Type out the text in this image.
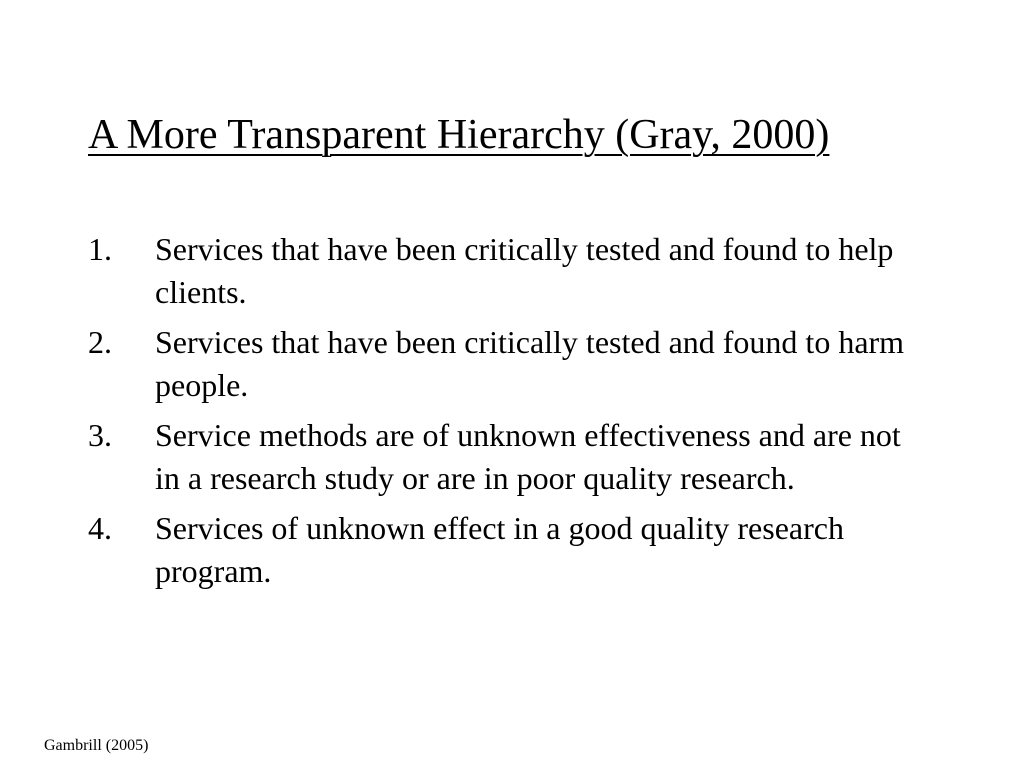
A More Transparent Hierarchy (Gray, 2000)
1.	Services that have been critically tested and found to help clients.
2.	Services that have been critically tested and found to harm people.
3.	Service methods are of unknown effectiveness and are not in a research study or are in poor quality research.
4.	Services of unknown effect in a good quality research program.
Gambrill (2005)
